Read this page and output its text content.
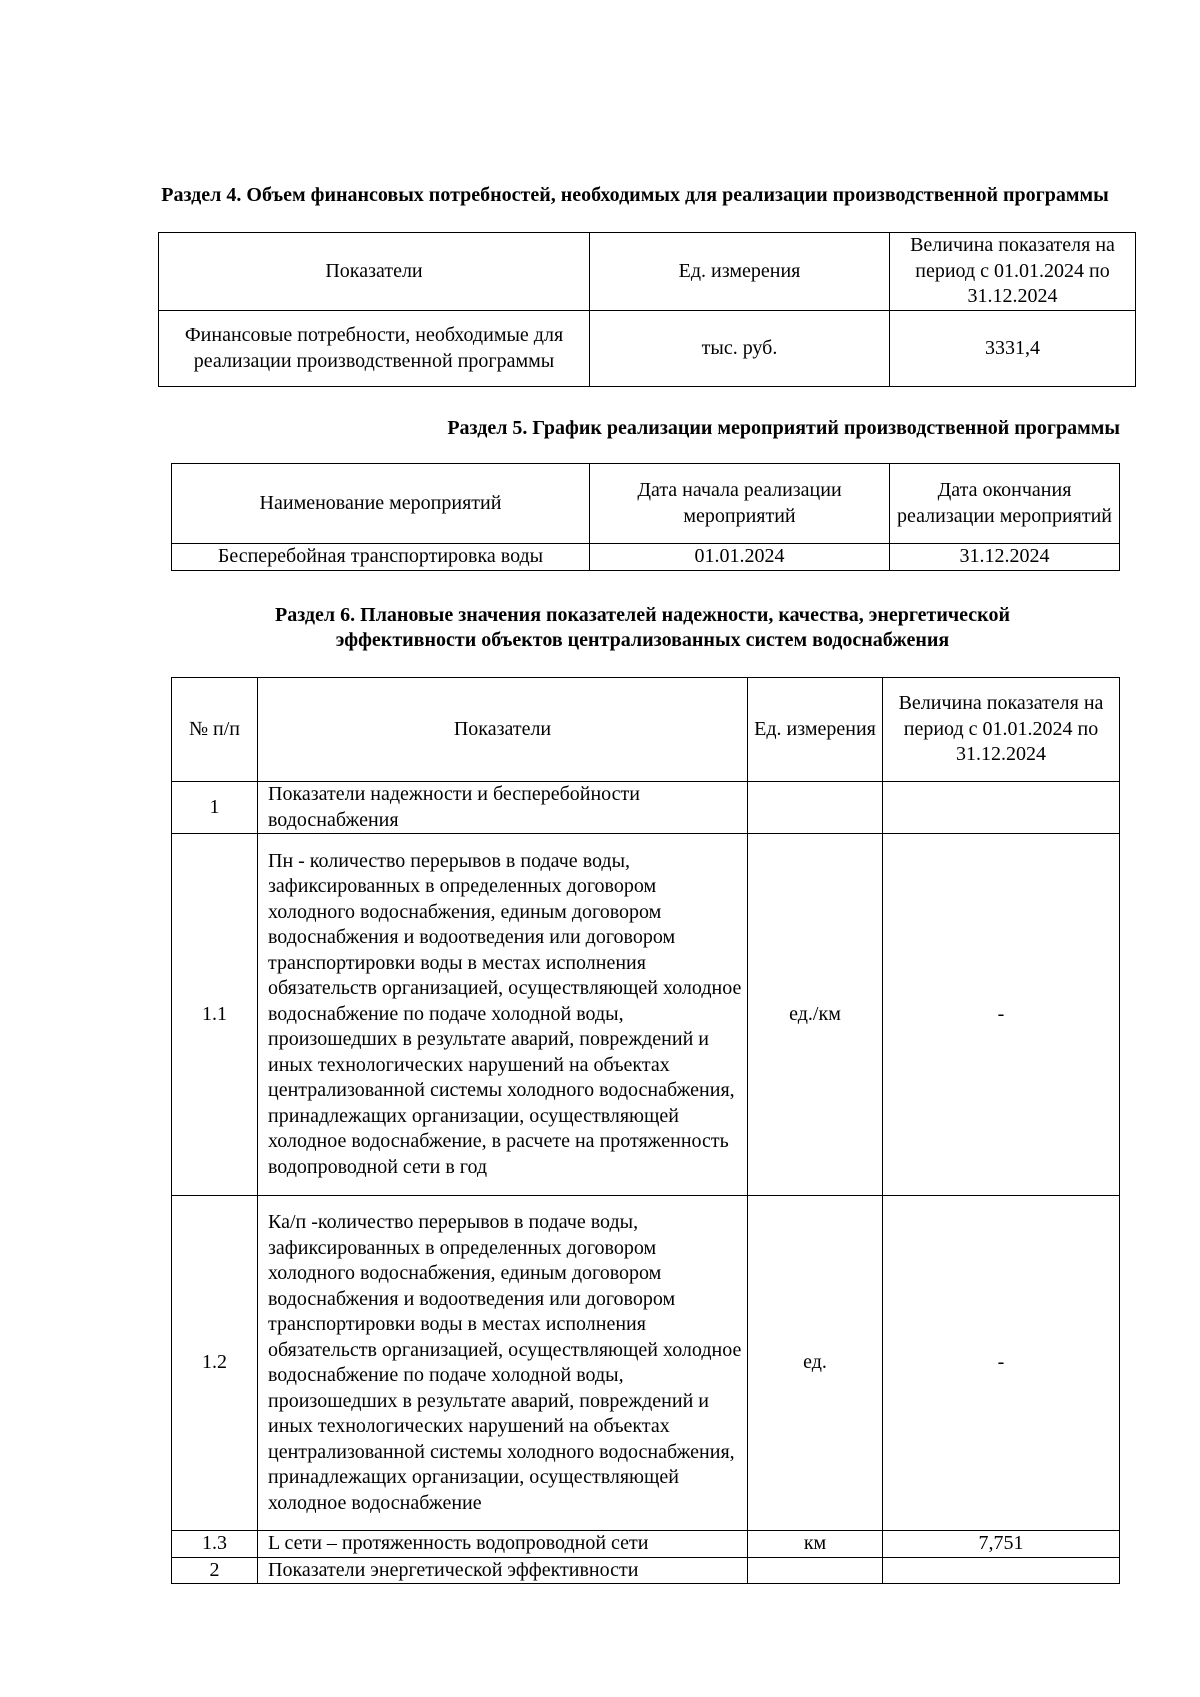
Раздел 4. Объем финансовых потребностей, необходимых для реализации производственной программы

Показатели	Ед. измерения	Величина показателя на период с 01.01.2024 по 31.12.2024
Финансовые потребности, необходимые для реализации производственной программы	тыс. руб.	3331,4

Раздел 5. График реализации мероприятий производственной программы

Наименование мероприятий	Дата начала реализации мероприятий	Дата окончания реализации мероприятий
Бесперебойная транспортировка воды	01.01.2024	31.12.2024

Раздел 6. Плановые значения показателей надежности, качества, энергетической эффективности объектов централизованных систем водоснабжения

№ п/п	Показатели	Ед. измерения	Величина показателя на период с 01.01.2024 по 31.12.2024
1	Показатели надежности и бесперебойности водоснабжения		
1.1	Пн - количество перерывов в подаче воды, зафиксированных в определенных договором холодного водоснабжения, единым договором водоснабжения и водоотведения или договором транспортировки воды в местах исполнения обязательств организацией, осуществляющей холодное водоснабжение по подаче холодной воды, произошедших в результате аварий, повреждений и иных технологических нарушений на объектах централизованной системы холодного водоснабжения, принадлежащих организации, осуществляющей холодное водоснабжение, в расчете на протяженность водопроводной сети в год	ед./км	-
1.2	Ка/п -количество перерывов в подаче воды, зафиксированных в определенных договором холодного водоснабжения, единым договором водоснабжения и водоотведения или договором транспортировки воды в местах исполнения обязательств организацией, осуществляющей холодное водоснабжение по подаче холодной воды, произошедших в результате аварий, повреждений и иных технологических нарушений на объектах централизованной системы холодного водоснабжения, принадлежащих организации, осуществляющей холодное водоснабжение	ед.	-
1.3	L сети – протяженность водопроводной сети	км	7,751
2	Показатели энергетической эффективности		
